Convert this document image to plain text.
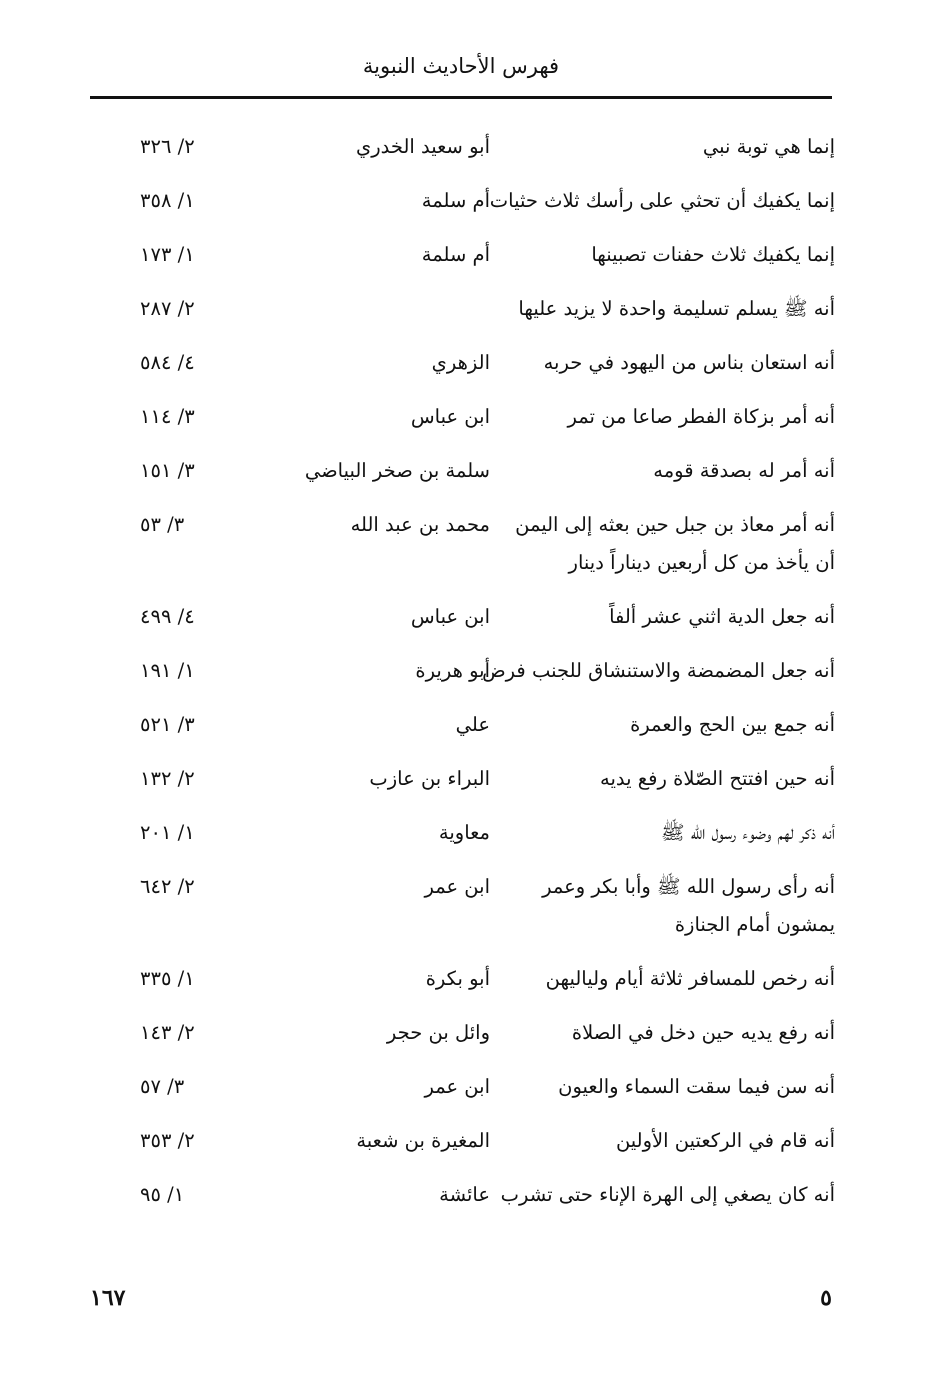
فهرس الأحاديث النبوية
إنما هي توبة نبي
أبو سعيد الخدري
٢/ ٣٢٦
إنما يكفيك أن تحثي على رأسك ثلاث حثيات
أم سلمة
١/ ٣٥٨
إنما يكفيك ثلاث حفنات تصبينها
أم سلمة
١/ ١٧٣
أنه ﷺ يسلم تسليمة واحدة لا يزيد عليها
٢/ ٢٨٧
أنه استعان بناس من اليهود في حربه
الزهري
٤/ ٥٨٤
أنه أمر بزكاة الفطر صاعا من تمر
ابن عباس
٣/ ١١٤
أنه أمر له بصدقة قومه
سلمة بن صخر البياضي
٣/ ١٥١
أنه أمر معاذ بن جبل حين بعثه إلى اليمن أن يأخذ من كل أربعين ديناراً دينار
محمد بن عبد الله
٣/ ٥٣
أنه جعل الدية اثني عشر ألفاً
ابن عباس
٤/ ٤٩٩
أنه جعل المضمضة والاستنشاق للجنب فرض
أبو هريرة
١/ ١٩١
أنه جمع بين الحج والعمرة
علي
٣/ ٥٢١
أنه حين افتتح الصّلاة رفع يديه
البراء بن عازب
٢/ ١٣٢
أنه ذكر لهم وضوء رسول الله ﷺ
معاوية
١/ ٢٠١
أنه رأى رسول الله ﷺ وأبا بكر وعمر يمشون أمام الجنازة
ابن عمر
٢/ ٦٤٢
أنه رخص للمسافر ثلاثة أيام ولياليهن
أبو بكرة
١/ ٣٣٥
أنه رفع يديه حين دخل في الصلاة
وائل بن حجر
٢/ ١٤٣
أنه سن فيما سقت السماء والعيون
ابن عمر
٣/ ٥٧
أنه قام في الركعتين الأولين
المغيرة بن شعبة
٢/ ٣٥٣
أنه كان يصغي إلى الهرة الإناء حتى تشرب
عائشة
١/ ٩٥
٥
١٦٧
